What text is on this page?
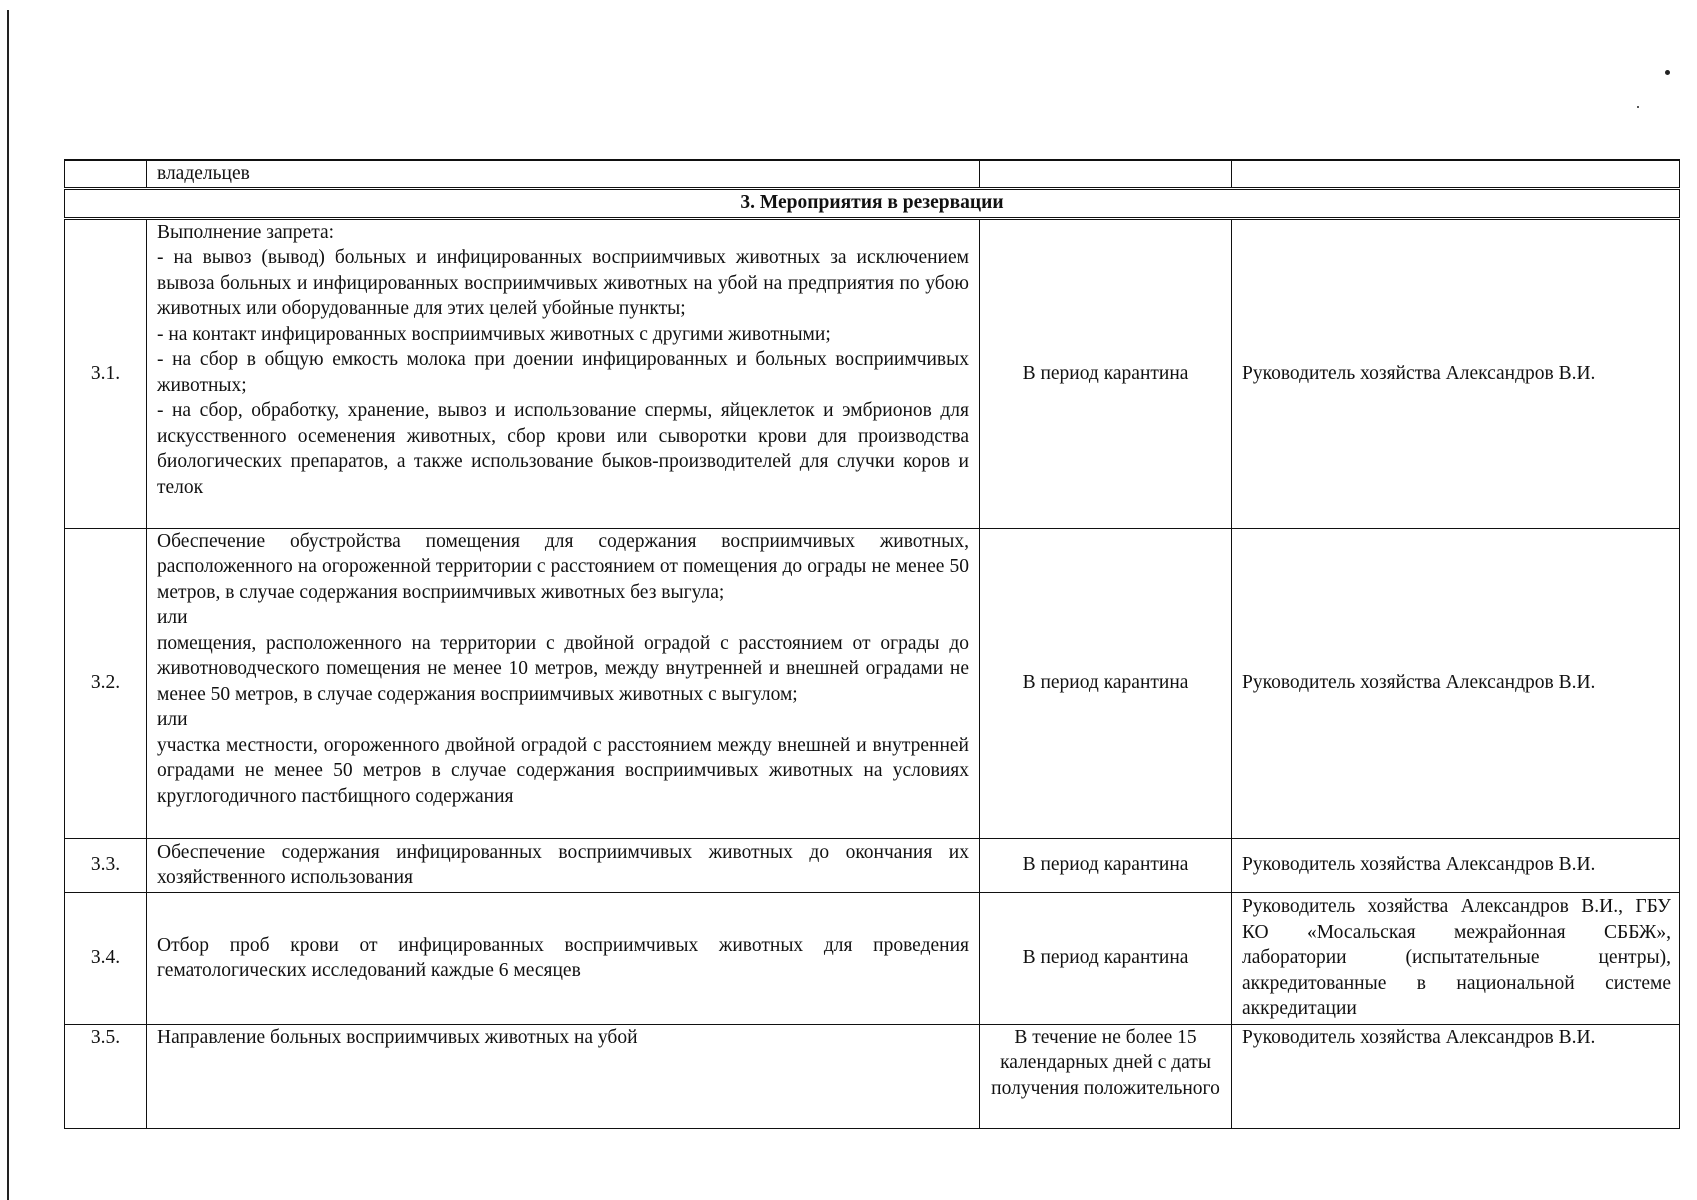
	владельцев		
3. Мероприятия в резервации			
3.1.	Выполнение запрета:
- на вывоз (вывод) больных и инфицированных восприимчивых животных за исключением вывоза больных и инфицированных восприимчивых животных на убой на предприятия по убою животных или оборудованные для этих целей убойные пункты;
- на контакт инфицированных восприимчивых животных с другими животными;
- на сбор в общую емкость молока при доении инфицированных и больных восприимчивых животных;
- на сбор, обработку, хранение, вывоз и использование спермы, яйцеклеток и эмбрионов для искусственного осеменения животных, сбор крови или сыворотки крови для производства биологических препаратов, а также использование быков-производителей для случки коров и телок	В период карантина	Руководитель хозяйства Александров В.И.
3.2.	Обеспечение обустройства помещения для содержания восприимчивых животных, расположенного на огороженной территории с расстоянием от помещения до ограды не менее 50 метров, в случае содержания восприимчивых животных без выгула;
или
помещения, расположенного на территории с двойной оградой с расстоянием от ограды до животноводческого помещения не менее 10 метров, между внутренней и внешней оградами не менее 50 метров, в случае содержания восприимчивых животных с выгулом;
или
участка местности, огороженного двойной оградой с расстоянием между внешней и внутренней оградами не менее 50 метров в случае содержания восприимчивых животных на условиях круглогодичного пастбищного содержания	В период карантина	Руководитель хозяйства Александров В.И.
3.3.	Обеспечение содержания инфицированных восприимчивых животных до окончания их хозяйственного использования	В период карантина	Руководитель хозяйства Александров В.И.
3.4.	Отбор проб крови от инфицированных восприимчивых животных для проведения гематологических исследований каждые 6 месяцев	В период карантина	Руководитель хозяйства Александров В.И., ГБУ КО «Мосальская межрайонная СББЖ», лаборатории (испытательные центры), аккредитованные в национальной системе аккредитации
3.5.	Направление больных восприимчивых животных на убой	В течение не более 15 календарных дней с даты получения положительного	Руководитель хозяйства Александров В.И.
